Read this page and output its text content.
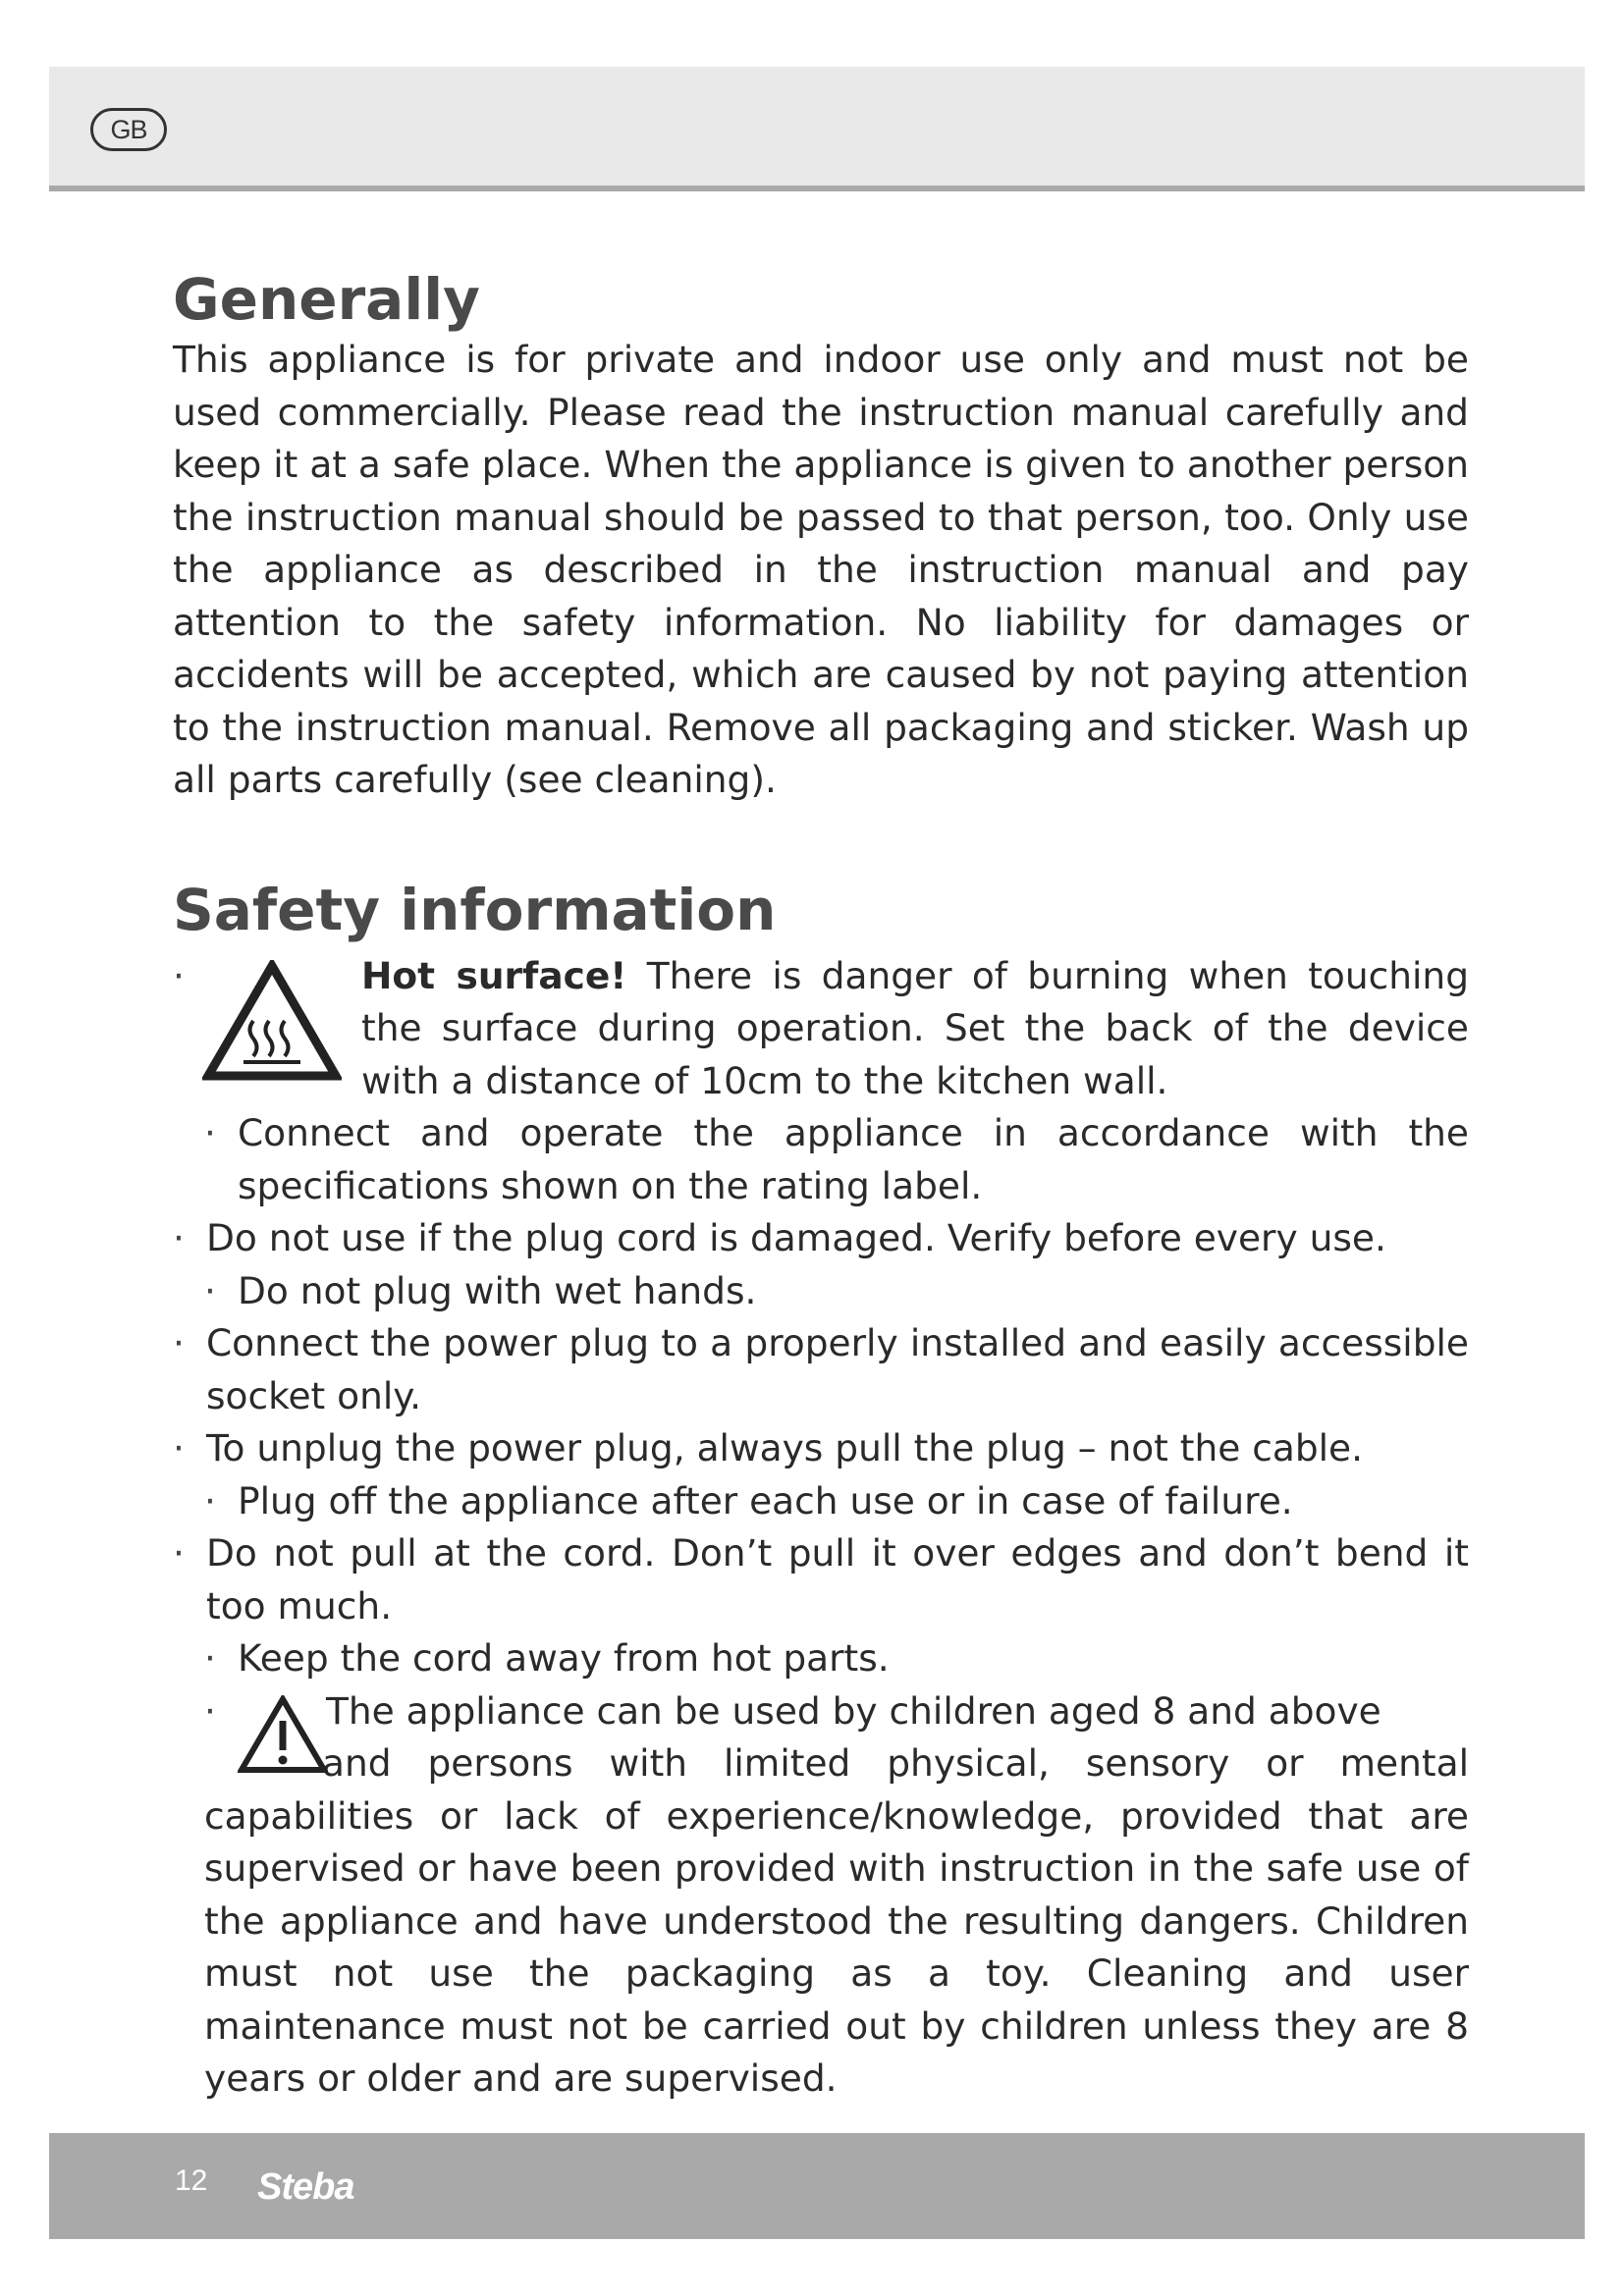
GB
Generally

This appliance is for private and indoor use only and must not be used commercially. Please read the instruction manual carefully and keep it at a safe place. When the appliance is given to another person the instruction manual should be passed to that person, too. Only use the appliance as described in the instruction manual and pay attention to the safety information. No liability for damages or accidents will be accepted, which are caused by not paying attention to the instruction manual. Remove all packaging and sticker. Wash up all parts carefully (see cleaning).

Safety information
·	Hot surface! There is danger of burning when touching the surface during operation. Set the back of the device with a distance of 10cm to the kitchen wall.
· Connect and operate the appliance in accordance with the specifications shown on the rating label.
· Do not use if the plug cord is damaged. Verify before every use.
· Do not plug with wet hands.
· Connect the power plug to a properly installed and easily accessible socket only.
· To unplug the power plug, always pull the plug – not the cable.
· Plug off the appliance after each use or in case of failure.
· Do not pull at the cord. Don’t pull it over edges and don’t bend it too much.
· Keep the cord away from hot parts.
·	The appliance can be used by children aged 8 and above
and persons with limited physical, sensory or mental capabilities or lack of experience/knowledge, provided that are supervised or have been provided with instruction in the safe use of the appliance and have understood the resulting dangers. Children must not use the packaging as a toy. Cleaning and user maintenance must not be carried out by children unless they are 8 years or older and are supervised.
12 Steba
